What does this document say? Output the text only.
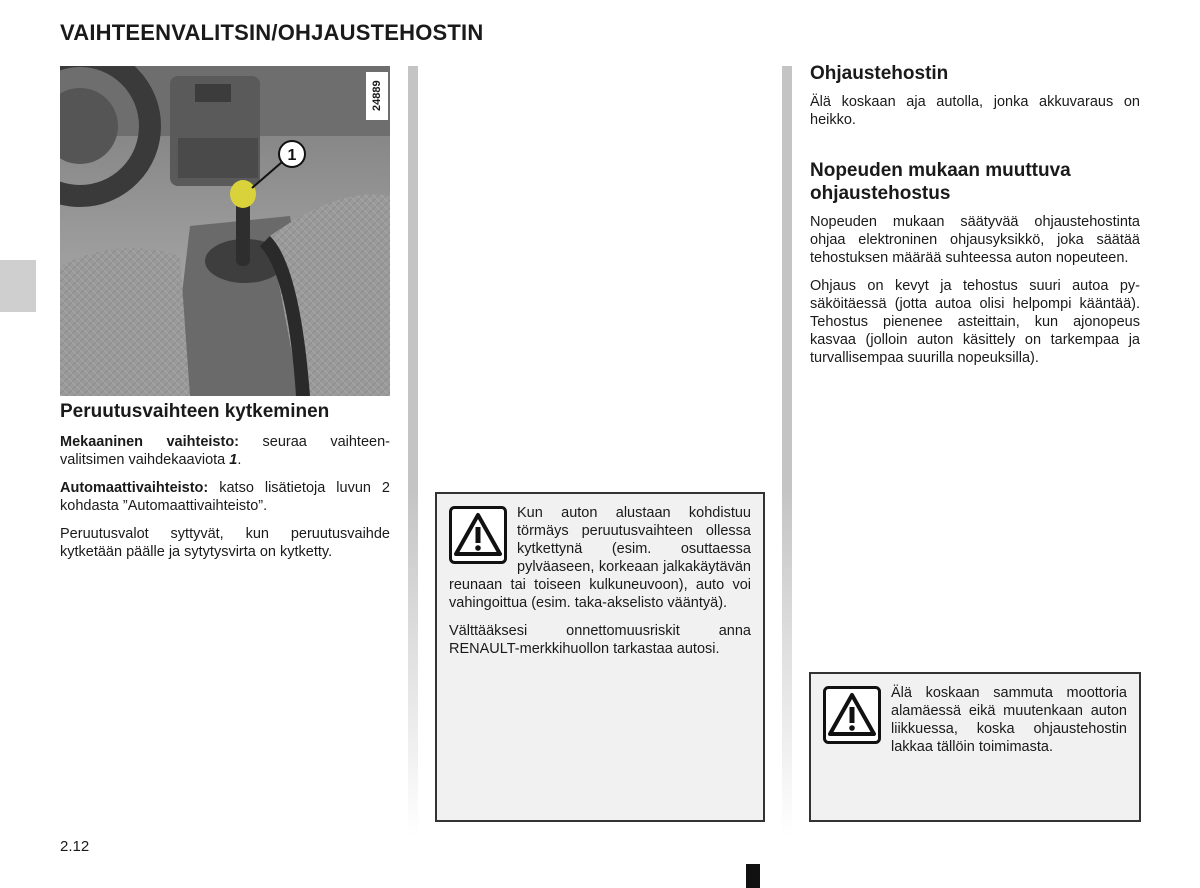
VAIHTEENVALITSIN/OHJAUSTEHOSTIN
1
24889
Peruutusvaihteen kytkeminen

Mekaaninen vaihteisto: seuraa vaihteenvalitsimen vaihdekaaviota 1.

Automaattivaihteisto: katso lisätietoja luvun 2 kohdasta ”Automaattivaihteisto”.

Peruutusvalot syttyvät, kun peruutusvaihde kytketään päälle ja sytytysvirta on kytketty.

Kun auton alustaan kohdistuu törmäys peruutusvaihteen ollessa kytkettynä (esim. osuttaessa pylväaseen, korkeaan jalkakäytävän reunaan tai toiseen kulkuneuvoon), auto voi vahingoittua (esim. taka-akselisto vääntyä).

Välttääksesi onnettomuusriskit anna RENAULT-merkkihuollon tarkastaa autosi.

Ohjaustehostin

Älä koskaan aja autolla, jonka akkuvaraus on heikko.

Nopeuden mukaan muuttuva ohjaustehostus

Nopeuden mukaan säätyvää ohjaustehostinta ohjaa elektroninen ohjausyksikkö, joka säätää tehostuksen määrää suhteessa auton nopeuteen.

Ohjaus on kevyt ja tehostus suuri autoa pysäköitäessä (jotta autoa olisi helpompi kääntää). Tehostus pienenee asteittain, kun ajonopeus kasvaa (jolloin auton käsittely on tarkempaa ja turvallisempaa suurilla nopeuksilla).

Älä koskaan sammuta moottoria alamäessä eikä muutenkaan auton liikkuessa, koska ohjaustehostin lakkaa tällöin toimimasta.

2.12
